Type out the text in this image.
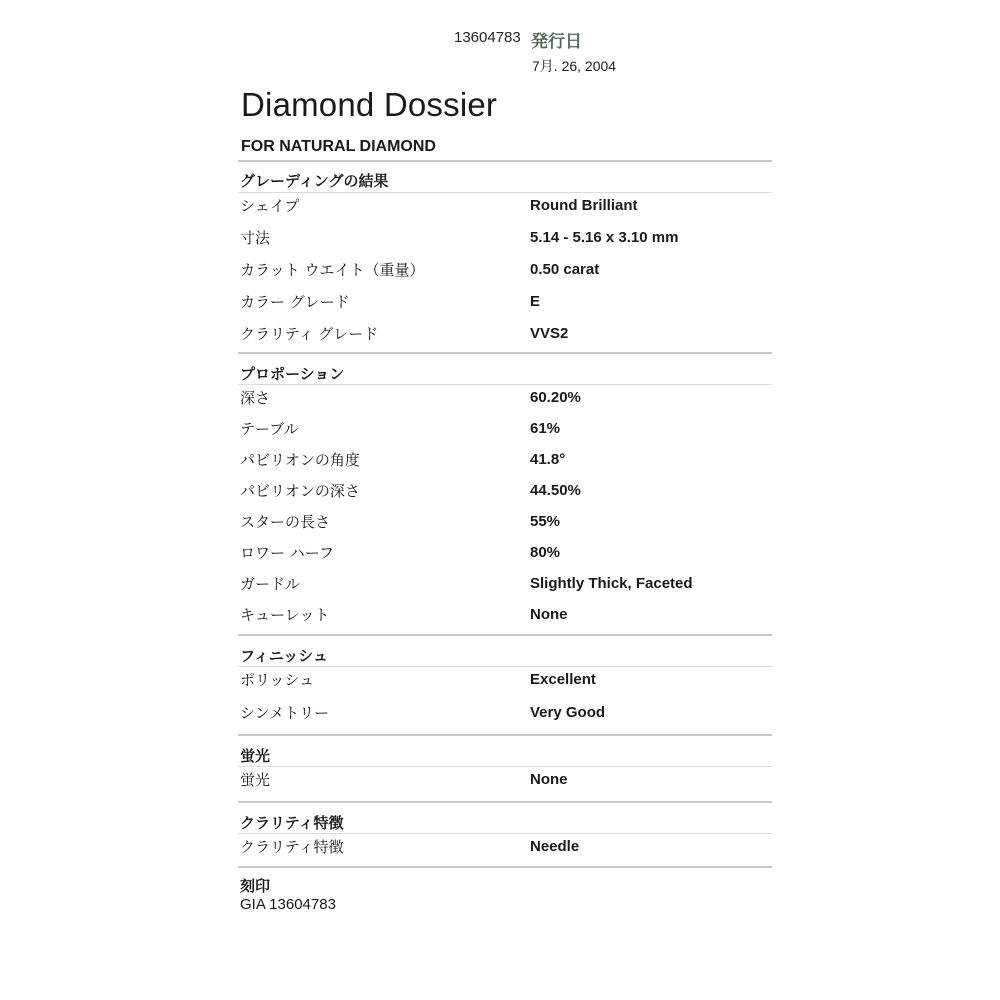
13604783 発行日
7月. 26, 2004
Diamond Dossier
FOR NATURAL DIAMOND
グレーディングの結果
シェイプ	Round Brilliant
寸法	5.14 - 5.16 x 3.10 mm
カラット ウエイト（重量）	0.50 carat
カラー グレード	E
クラリティ グレード	VVS2
プロポーション
深さ	60.20%
テーブル	61%
パビリオンの角度	41.8°
パビリオンの深さ	44.50%
スターの長さ	55%
ロワー ハーフ	80%
ガードル	Slightly Thick, Faceted
キューレット	None
フィニッシュ
ポリッシュ	Excellent
シンメトリー	Very Good
蛍光
蛍光	None
クラリティ特徴
クラリティ特徴	Needle
刻印
GIA 13604783
